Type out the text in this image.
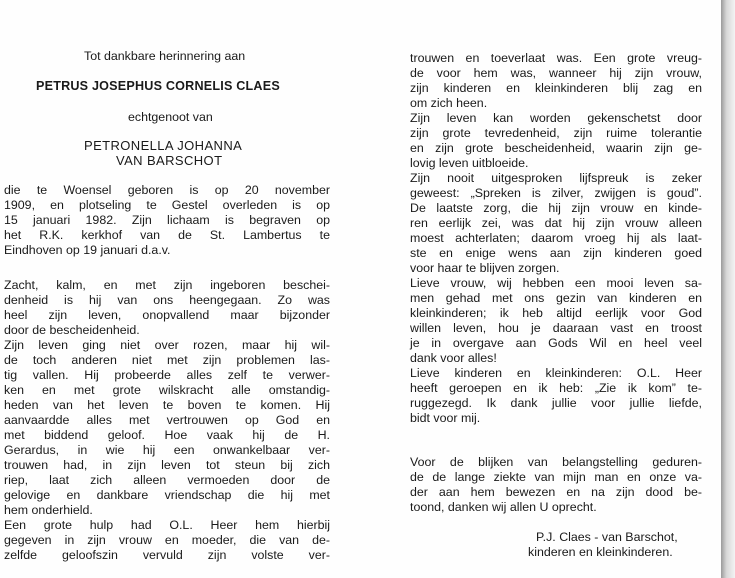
Tot dankbare herinnering aan
PETRUS JOSEPHUS CORNELIS CLAES
echtgenoot van
PETRONELLA JOHANNA
VAN BARSCHOT
die te Woensel geboren is op 20 november
1909, en plotseling te Gestel overleden is op
15 januari 1982. Zijn lichaam is begraven op
het R.K. kerkhof van de St. Lambertus te
Eindhoven op 19 januari d.a.v.
Zacht, kalm, en met zijn ingeboren beschei-
denheid is hij van ons heengegaan. Zo was
heel zijn leven, onopvallend maar bijzonder
door de bescheidenheid.
Zijn leven ging niet over rozen, maar hij wil-
de toch anderen niet met zijn problemen las-
tig vallen. Hij probeerde alles zelf te verwer-
ken en met grote wilskracht alle omstandig-
heden van het leven te boven te komen. Hij
aanvaardde alles met vertrouwen op God en
met biddend geloof. Hoe vaak hij de H.
Gerardus, in wie hij een onwankelbaar ver-
trouwen had, in zijn leven tot steun bij zich
riep, laat zich alleen vermoeden door de
gelovige en dankbare vriendschap die hij met
hem onderhield.
Een grote hulp had O.L. Heer hem hierbij
gegeven in zijn vrouw en moeder, die van de-
zelfde geloofszin vervuld zijn volste ver-
trouwen en toeverlaat was. Een grote vreug-
de voor hem was, wanneer hij zijn vrouw,
zijn kinderen en kleinkinderen blij zag en
om zich heen.
Zijn leven kan worden gekenschetst door
zijn grote tevredenheid, zijn ruime tolerantie
en zijn grote bescheidenheid, waarin zijn ge-
lovig leven uitbloeide.
Zijn nooit uitgesproken lijfspreuk is zeker
geweest: „Spreken is zilver, zwijgen is goud”.
De laatste zorg, die hij zijn vrouw en kinde-
ren eerlijk zei, was dat hij zijn vrouw alleen
moest achterlaten; daarom vroeg hij als laat-
ste en enige wens aan zijn kinderen goed
voor haar te blijven zorgen.
Lieve vrouw, wij hebben een mooi leven sa-
men gehad met ons gezin van kinderen en
kleinkinderen; ik heb altijd eerlijk voor God
willen leven, hou je daaraan vast en troost
je in overgave aan Gods Wil en heel veel
dank voor alles!
Lieve kinderen en kleinkinderen: O.L. Heer
heeft geroepen en ik heb: „Zie ik kom” te-
ruggezegd. Ik dank jullie voor jullie liefde,
bidt voor mij.
Voor de blijken van belangstelling geduren-
de de lange ziekte van mijn man en onze va-
der aan hem bewezen en na zijn dood be-
toond, danken wij allen U oprecht.
P.J. Claes - van Barschot,
kinderen en kleinkinderen.
